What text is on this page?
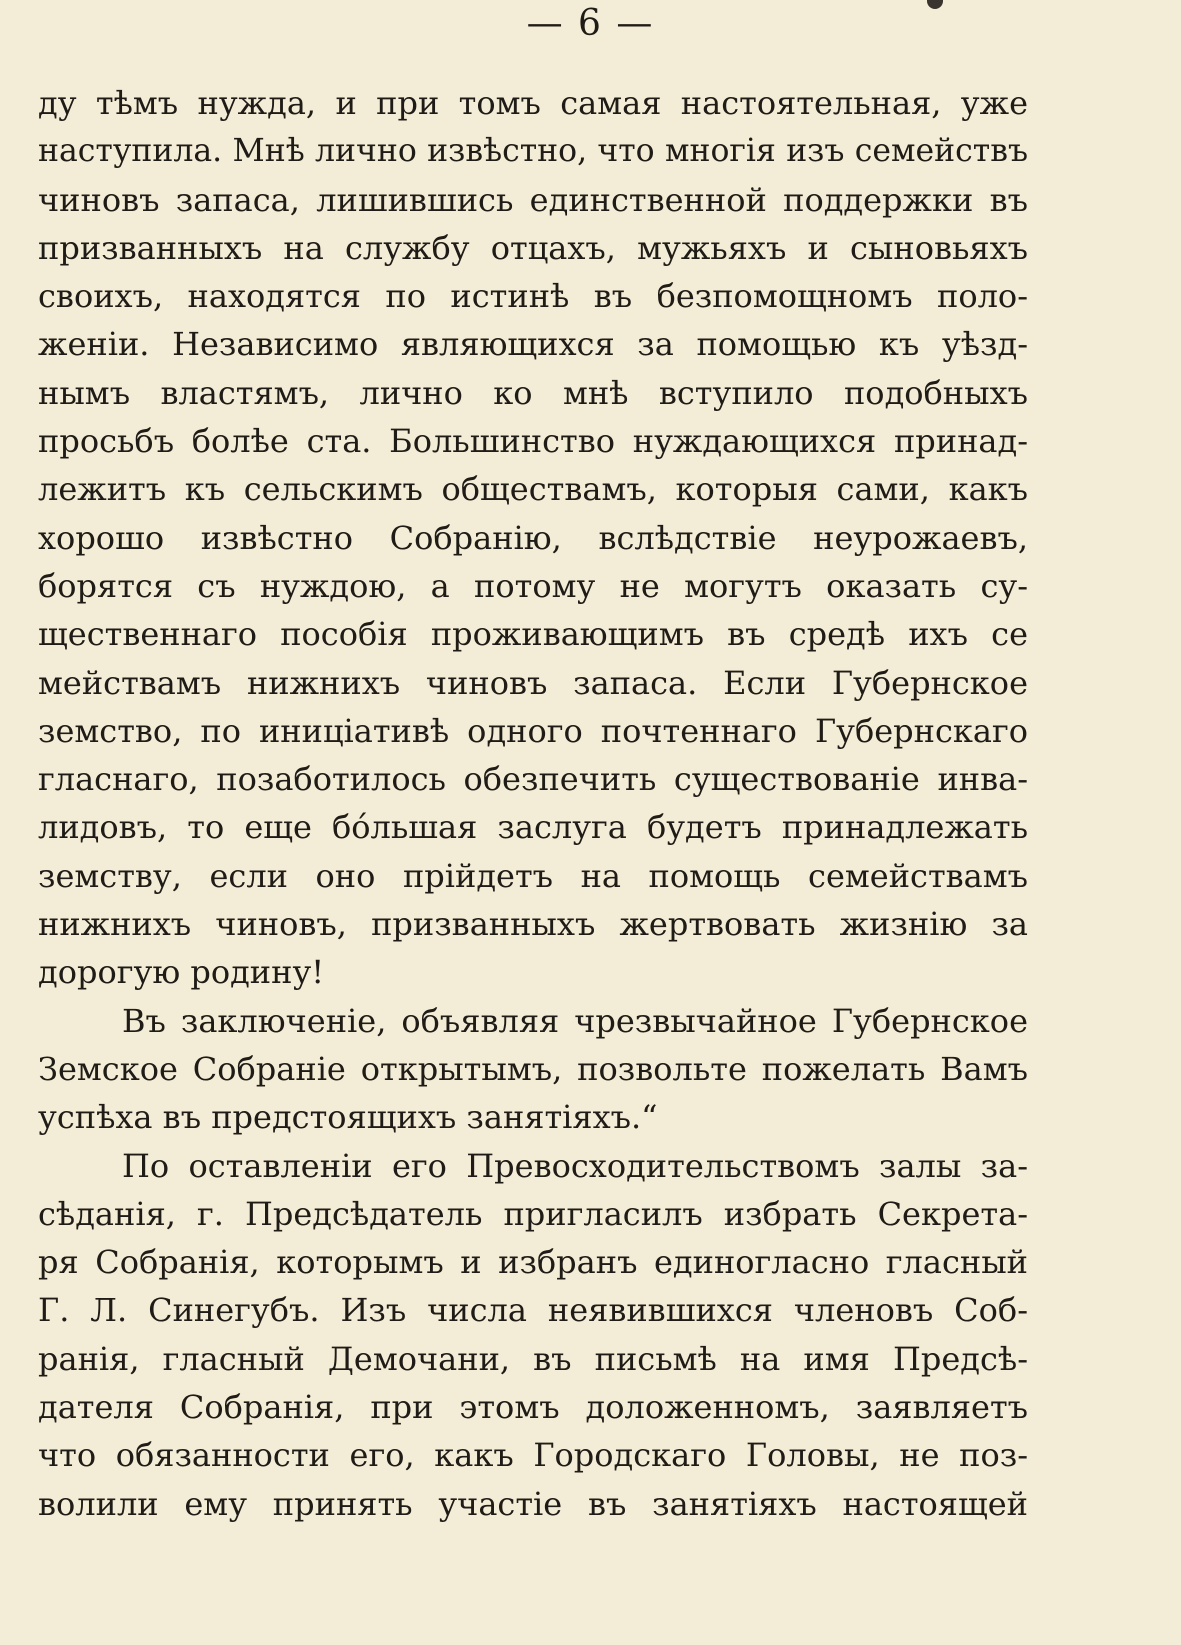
— 6 —
ду тѣмъ нужда, и при томъ самая настоятельная, уже
наступила. Мнѣ лично извѣстно, что многія изъ семействъ
чиновъ запаса, лишившись единственной поддержки въ
призванныхъ на службу отцахъ, мужьяхъ и сыновьяхъ
своихъ, находятся по истинѣ въ безпомощномъ поло-
женіи. Независимо являющихся за помощью къ уѣзд-
нымъ властямъ, лично ко мнѣ вступило подобныхъ
просьбъ болѣе ста. Большинство нуждающихся принад-
лежитъ къ сельскимъ обществамъ, которыя сами, какъ
хорошо извѣстно Собранію, вслѣдствіе неурожаевъ,
борятся съ нуждою, а потому не могутъ оказать су-
щественнаго пособія проживающимъ въ средѣ ихъ се
мействамъ нижнихъ чиновъ запаса. Если Губернское
земство, по иниціативѣ одного почтеннаго Губернскаго
гласнаго, позаботилось обезпечить существованіе инва-
лидовъ, то еще бóльшая заслуга будетъ принадлежать
земству, если оно прійдетъ на помощь семействамъ
нижнихъ чиновъ, призванныхъ жертвовать жизнію за
дорогую родину!
Въ заключеніе, объявляя чрезвычайное Губернское
Земское Собраніе открытымъ, позвольте пожелать Вамъ
успѣха въ предстоящихъ занятіяхъ.“
По оставленіи его Превосходительствомъ залы за-
сѣданія, г. Предсѣдатель пригласилъ избрать Секрета-
ря Собранія, которымъ и избранъ единогласно гласный
Г. Л. Синегубъ. Изъ числа неявившихся членовъ Соб-
ранія, гласный Демочани, въ письмѣ на имя Предсѣ-
дателя Собранія, при этомъ доложенномъ, заявляетъ
что обязанности его, какъ Городскаго Головы, не поз-
волили ему принять участіе въ занятіяхъ настоящей
